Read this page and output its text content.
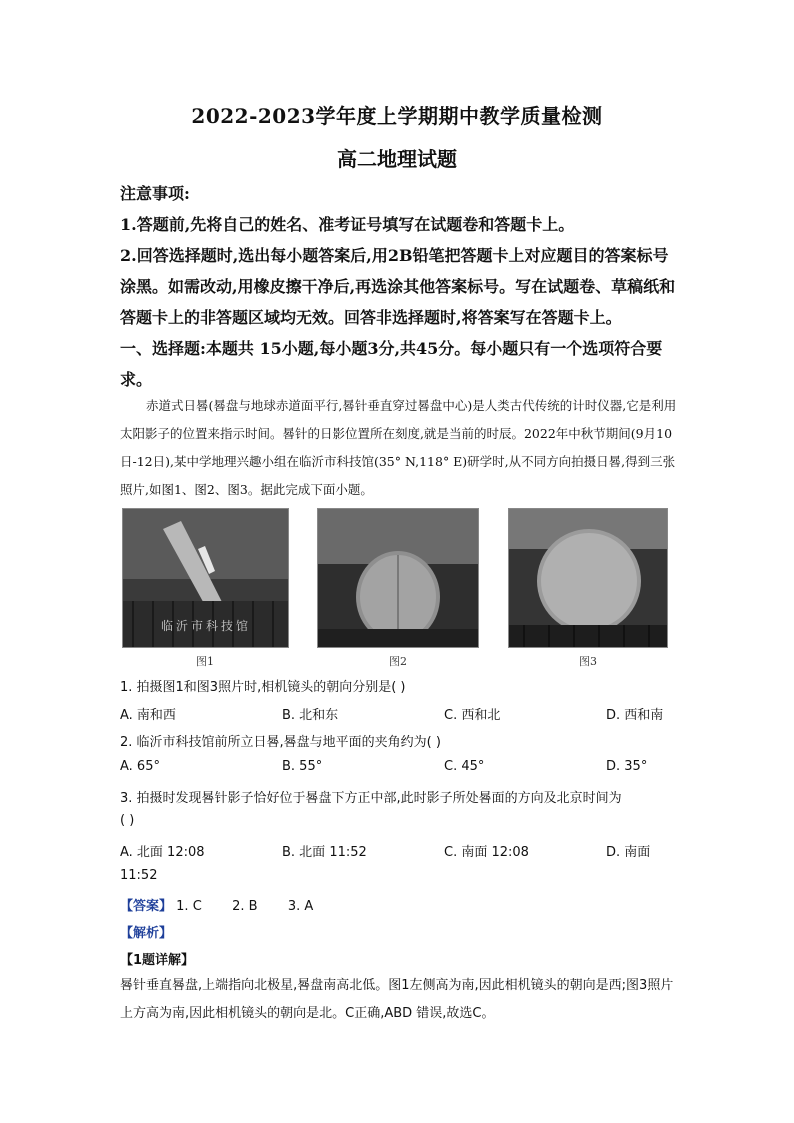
2022-2023学年度上学期期中教学质量检测
高二地理试题
注意事项:
1.答题前,先将自己的姓名、准考证号填写在试题卷和答题卡上。
2.回答选择题时,选出每小题答案后,用2B铅笔把答题卡上对应题目的答案标号涂黑。如需改动,用橡皮擦干净后,再选涂其他答案标号。写在试题卷、草稿纸和答题卡上的非答题区域均无效。回答非选择题时,将答案写在答题卡上。
一、选择题:本题共 15小题,每小题3分,共45分。每小题只有一个选项符合要求。
赤道式日晷(晷盘与地球赤道面平行,晷针垂直穿过晷盘中心)是人类古代传统的计时仪器,它是利用太阳影子的位置来指示时间。晷针的日影位置所在刻度,就是当前的时辰。2022年中秋节期间(9月10日-12日),某中学地理兴趣小组在临沂市科技馆(35° N,118° E)研学时,从不同方向拍摄日晷,得到三张照片,如图1、图2、图3。据此完成下面小题。
临沂市科技馆
图1	图2	图3
1. 拍摄图1和图3照片时,相机镜头的朝向分别是( )
A. 南和西	B. 北和东	C. 西和北	D. 西和南
2. 临沂市科技馆前所立日晷,晷盘与地平面的夹角约为( )
A. 65°	B. 55°	C. 45°	D. 35°
3. 拍摄时发现晷针影子恰好位于晷盘下方正中部,此时影子所处晷面的方向及北京时间为
( )
A. 北面 12:08	B. 北面 11:52	C. 南面 12:08	D. 南面
11:52
【答案】 1. C 2. B 3. A
【解析】
【1题详解】
晷针垂直晷盘,上端指向北极星,晷盘南高北低。图1左侧高为南,因此相机镜头的朝向是西;图3照片上方高为南,因此相机镜头的朝向是北。C正确,ABD 错误,故选C。
